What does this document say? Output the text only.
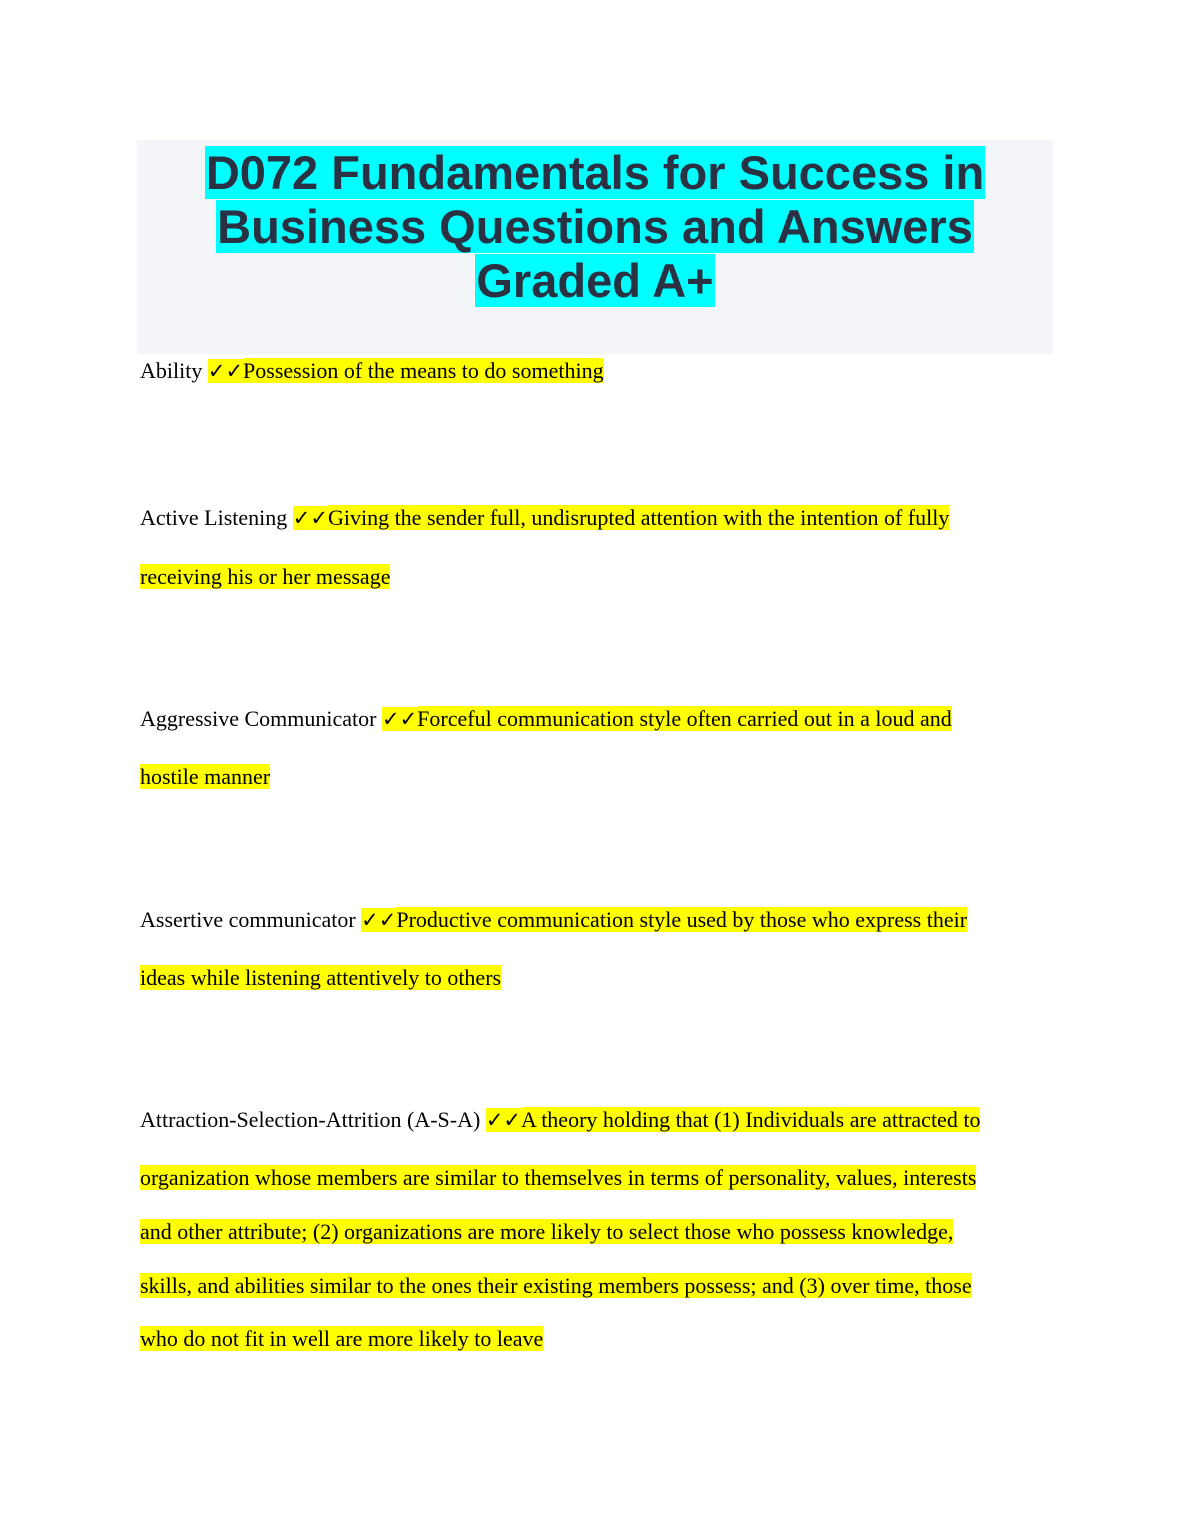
D072 Fundamentals for Success in
Business Questions and Answers
Graded A+
Ability ✓✓Possession of the means to do something
Active Listening ✓✓Giving the sender full, undisrupted attention with the intention of fully
receiving his or her message
Aggressive Communicator ✓✓Forceful communication style often carried out in a loud and
hostile manner
Assertive communicator ✓✓Productive communication style used by those who express their
ideas while listening attentively to others
Attraction-Selection-Attrition (A-S-A) ✓✓A theory holding that (1) Individuals are attracted to
organization whose members are similar to themselves in terms of personality, values, interests
and other attribute; (2) organizations are more likely to select those who possess knowledge,
skills, and abilities similar to the ones their existing members possess; and (3) over time, those
who do not fit in well are more likely to leave
